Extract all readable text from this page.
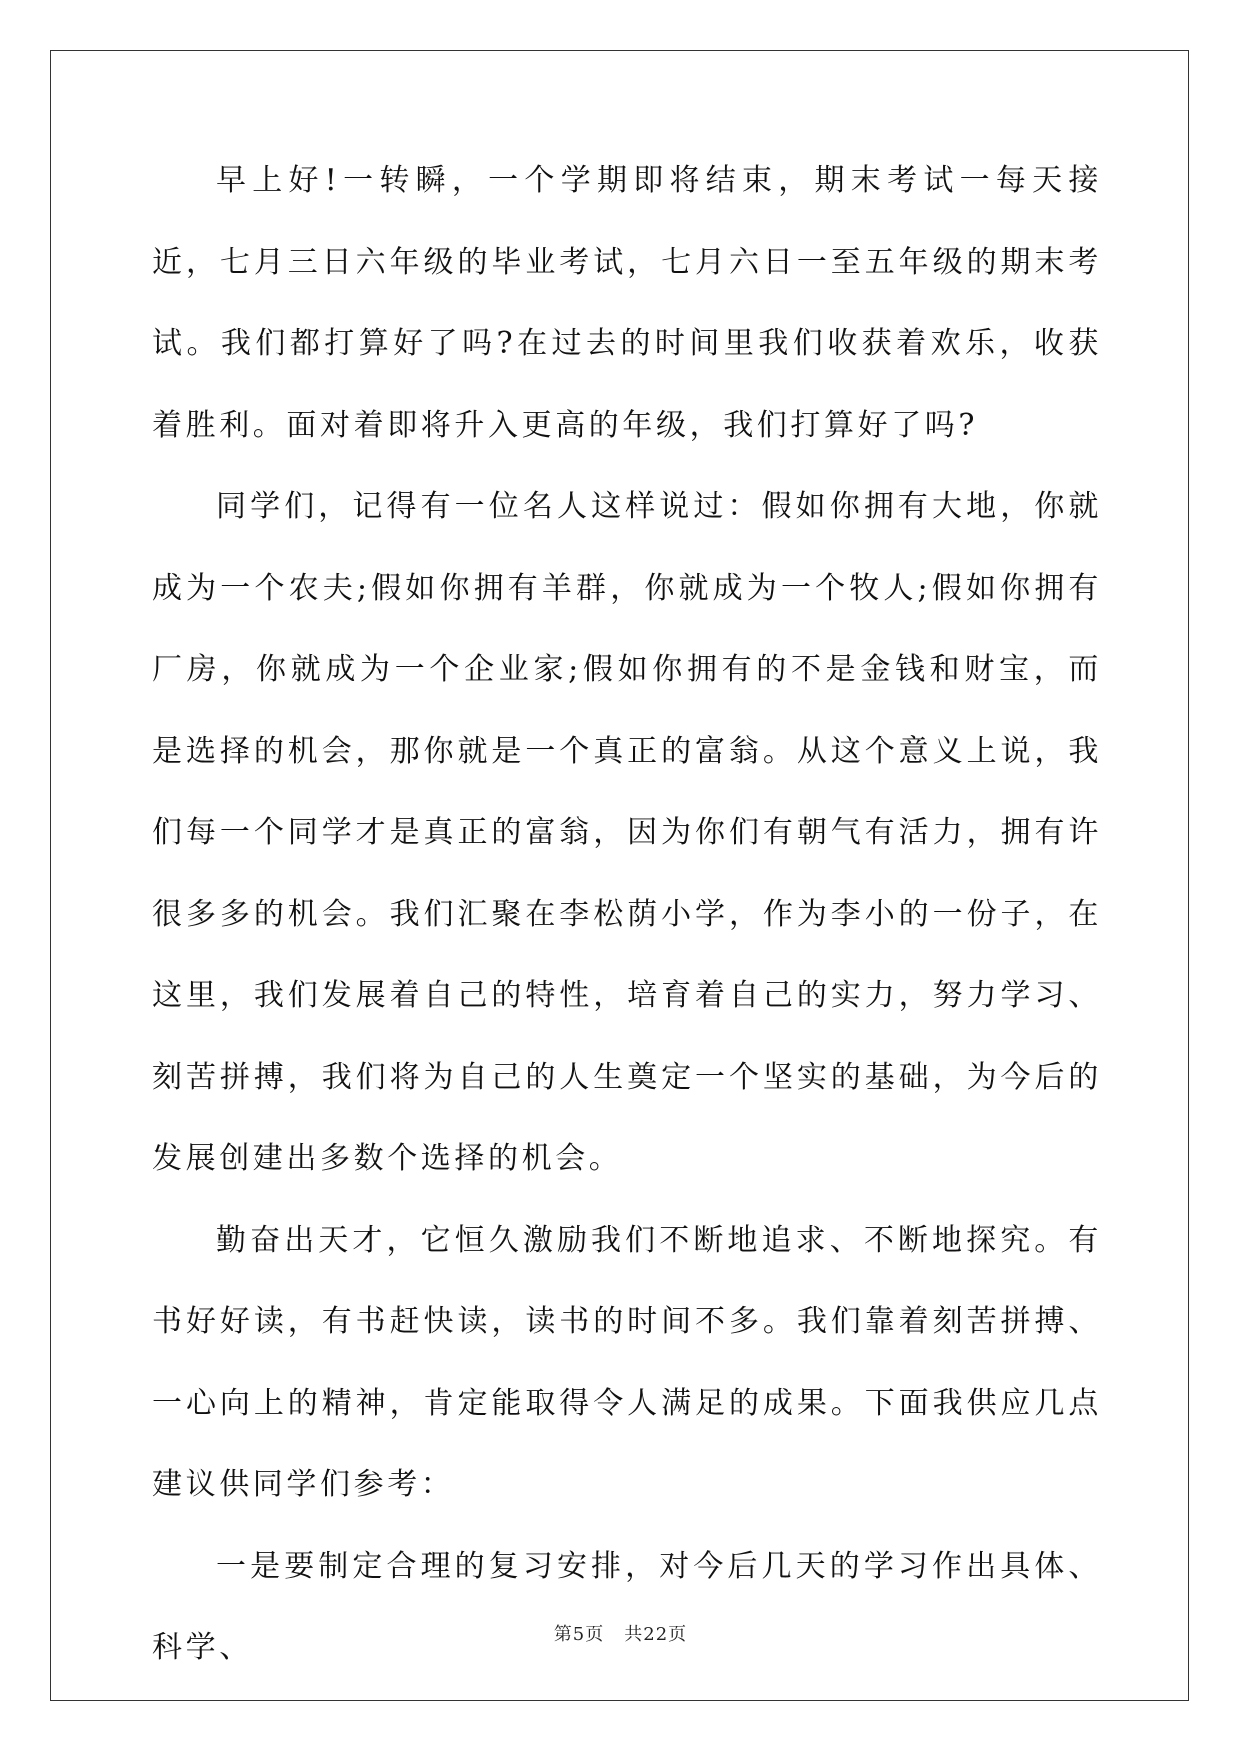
早上好!一转瞬，一个学期即将结束，期末考试一每天接近，七月三日六年级的毕业考试，七月六日一至五年级的期末考试。我们都打算好了吗?在过去的时间里我们收获着欢乐，收获着胜利。面对着即将升入更高的年级，我们打算好了吗?

同学们，记得有一位名人这样说过：假如你拥有大地，你就成为一个农夫;假如你拥有羊群，你就成为一个牧人;假如你拥有厂房，你就成为一个企业家;假如你拥有的不是金钱和财宝，而是选择的机会，那你就是一个真正的富翁。从这个意义上说，我们每一个同学才是真正的富翁，因为你们有朝气有活力，拥有许很多多的机会。我们汇聚在李松荫小学，作为李小的一份子，在这里，我们发展着自己的特性，培育着自己的实力，努力学习、刻苦拼搏，我们将为自己的人生奠定一个坚实的基础，为今后的发展创建出多数个选择的机会。

勤奋出天才，它恒久激励我们不断地追求、不断地探究。有书好好读，有书赶快读，读书的时间不多。我们靠着刻苦拼搏、一心向上的精神，肯定能取得令人满足的成果。下面我供应几点建议供同学们参考：

一是要制定合理的复习安排，对今后几天的学习作出具体、科学、	第5页 共22页
